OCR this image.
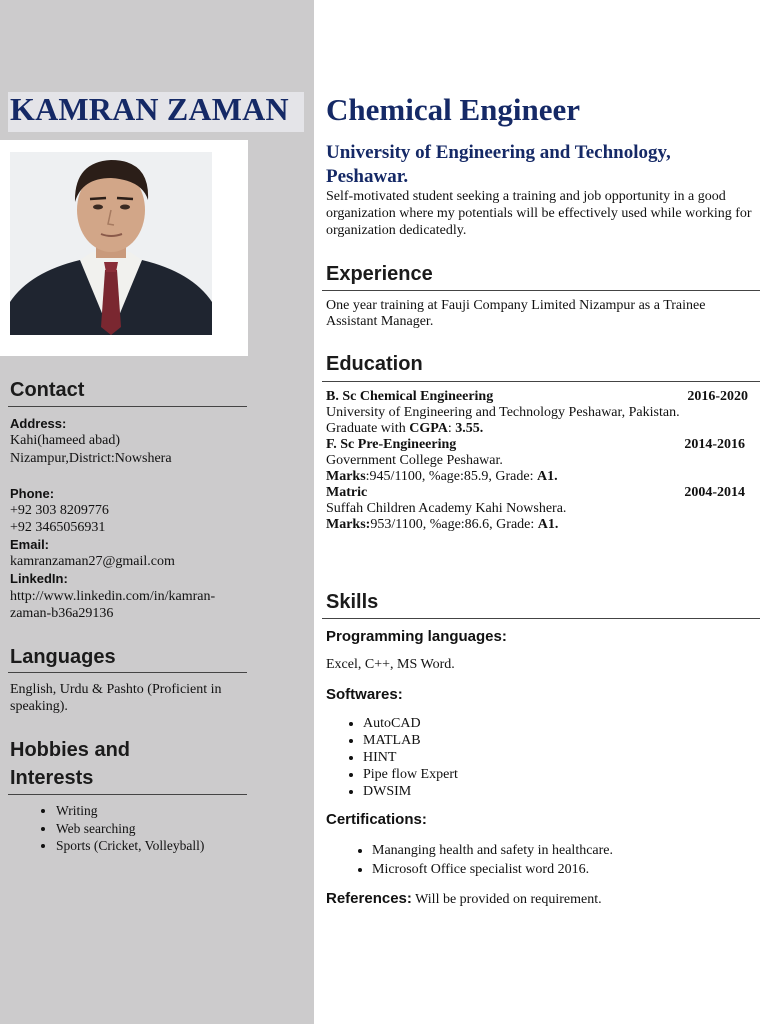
KAMRAN ZAMAN
Contact
Address:
Kahi(hameed abad)
Nizampur,District:Nowshera
Phone:
+92 303 8209776
+92 3465056931
Email:
kamranzaman27@gmail.com
LinkedIn:
http://www.linkedin.com/in/kamran-
zaman-b36a29136
Languages
English, Urdu & Pashto (Proficient in speaking).
Hobbies and
Interests
• Writing
• Web searching
• Sports (Cricket, Volleyball)
Chemical Engineer
University of Engineering and Technology, Peshawar.
Self-motivated student seeking a training and job opportunity in a good organization where my potentials will be effectively used while working for organization dedicatedly.
Experience
One year training at Fauji Company Limited Nizampur as a Trainee Assistant Manager.
Education
B. Sc Chemical Engineering	2016-2020
University of Engineering and Technology Peshawar, Pakistan.
Graduate with CGPA: 3.55.
F. Sc Pre-Engineering	2014-2016
Government College Peshawar.
Marks:945/1100, %age:85.9, Grade: A1.
Matric	2004-2014
Suffah Children Academy Kahi Nowshera.
Marks:953/1100, %age:86.6, Grade: A1.
Skills
Programming languages:
Excel, C++, MS Word.
Softwares:
• AutoCAD
• MATLAB
• HINT
• Pipe flow Expert
• DWSIM
Certifications:
• Mananging health and safety in healthcare.
• Microsoft Office specialist word 2016.
References: Will be provided on requirement.
